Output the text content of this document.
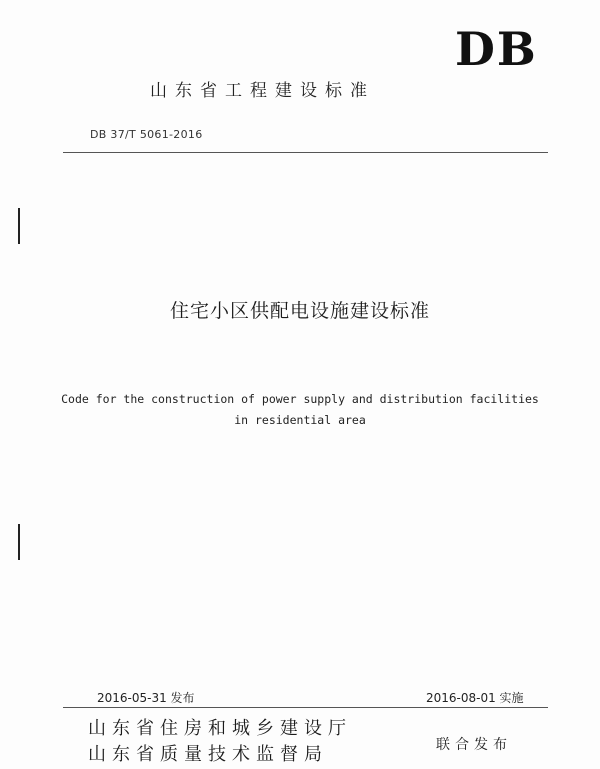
DB
山东省工程建设标准
DB 37/T 5061-2016
住宅小区供配电设施建设标准
Code for the construction of power supply and distribution facilities
in residential area
2016-05-31 发布	2016-08-01 实施
山东省住房和城乡建设厅
山东省质量技术监督局	联合发布
